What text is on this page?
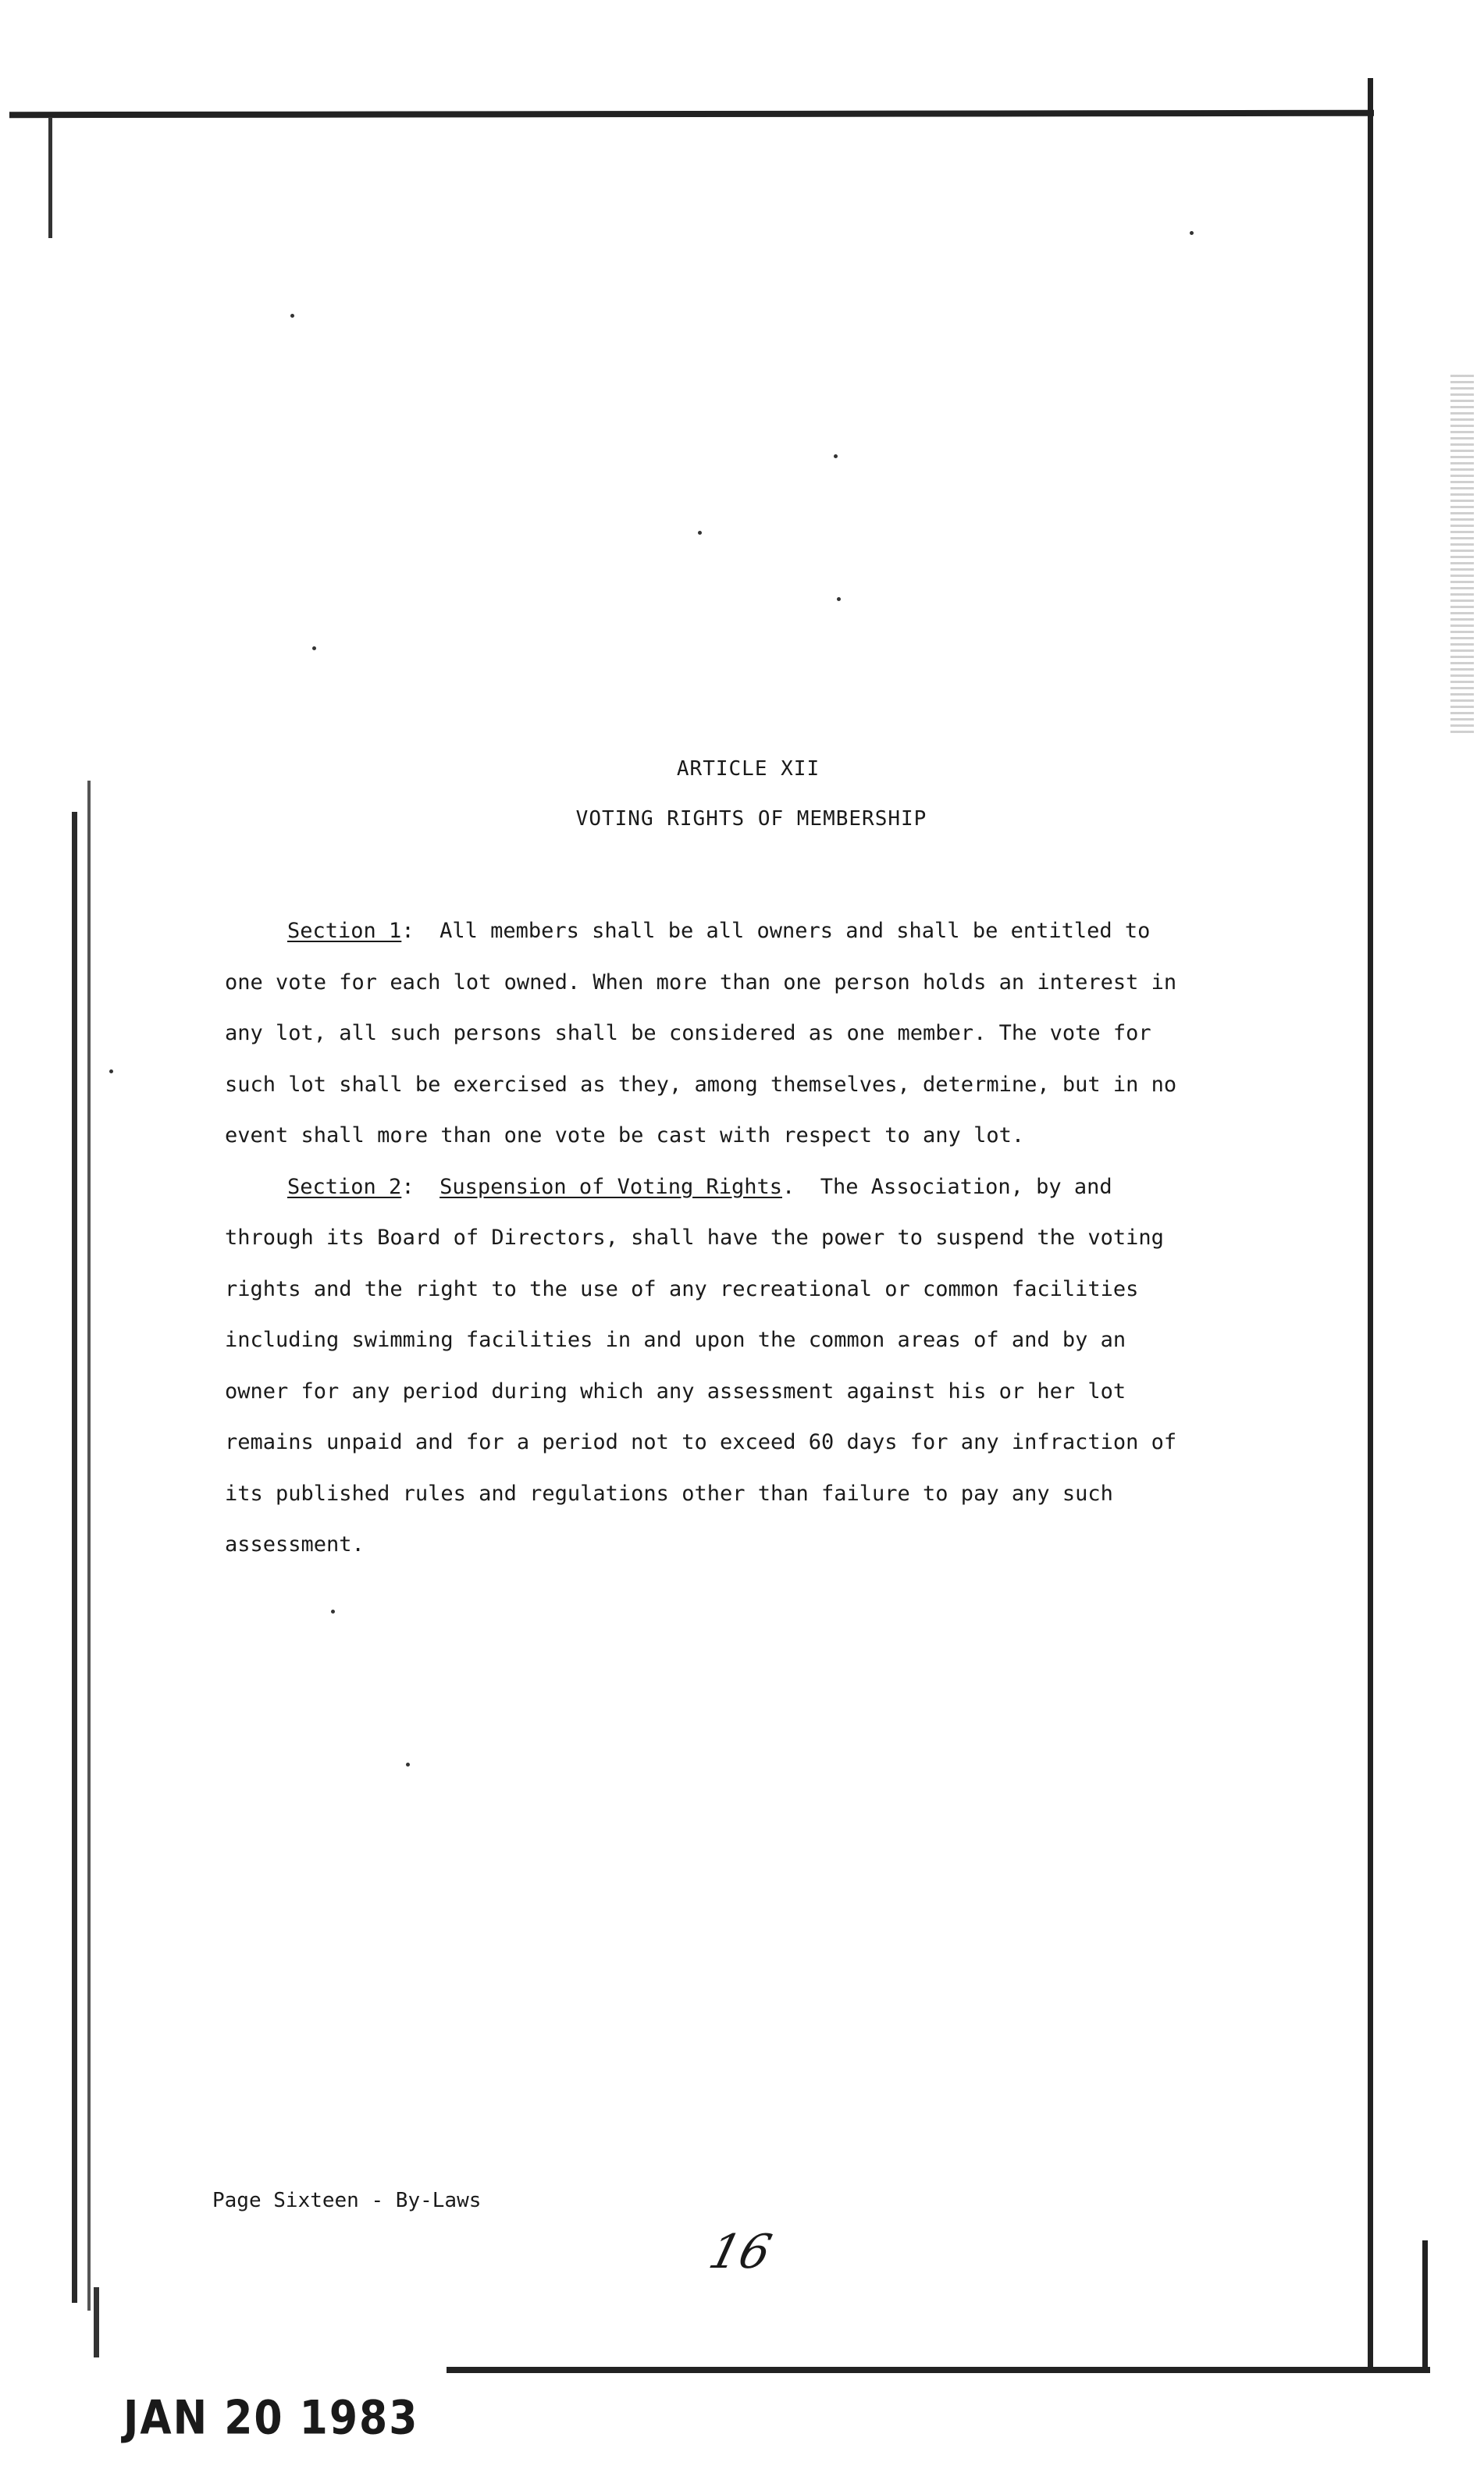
ARTICLE XII
VOTING RIGHTS OF MEMBERSHIP

Section 1:  All members shall be all owners and shall be entitled to one vote for each lot owned. When more than one person holds an interest in any lot, all such persons shall be considered as one member. The vote for such lot shall be exercised as they, among themselves, determine, but in no event shall more than one vote be cast with respect to any lot.

Section 2:  Suspension of Voting Rights.  The Association, by and through its Board of Directors, shall have the power to suspend the voting rights and the right to the use of any recreational or common facilities including swimming facilities in and upon the common areas of and by an owner for any period during which any assessment against his or her lot remains unpaid and for a period not to exceed 60 days for any infraction of its published rules and regulations other than failure to pay any such assessment.

Page Sixteen - By-Laws
16
JAN 20 1983
